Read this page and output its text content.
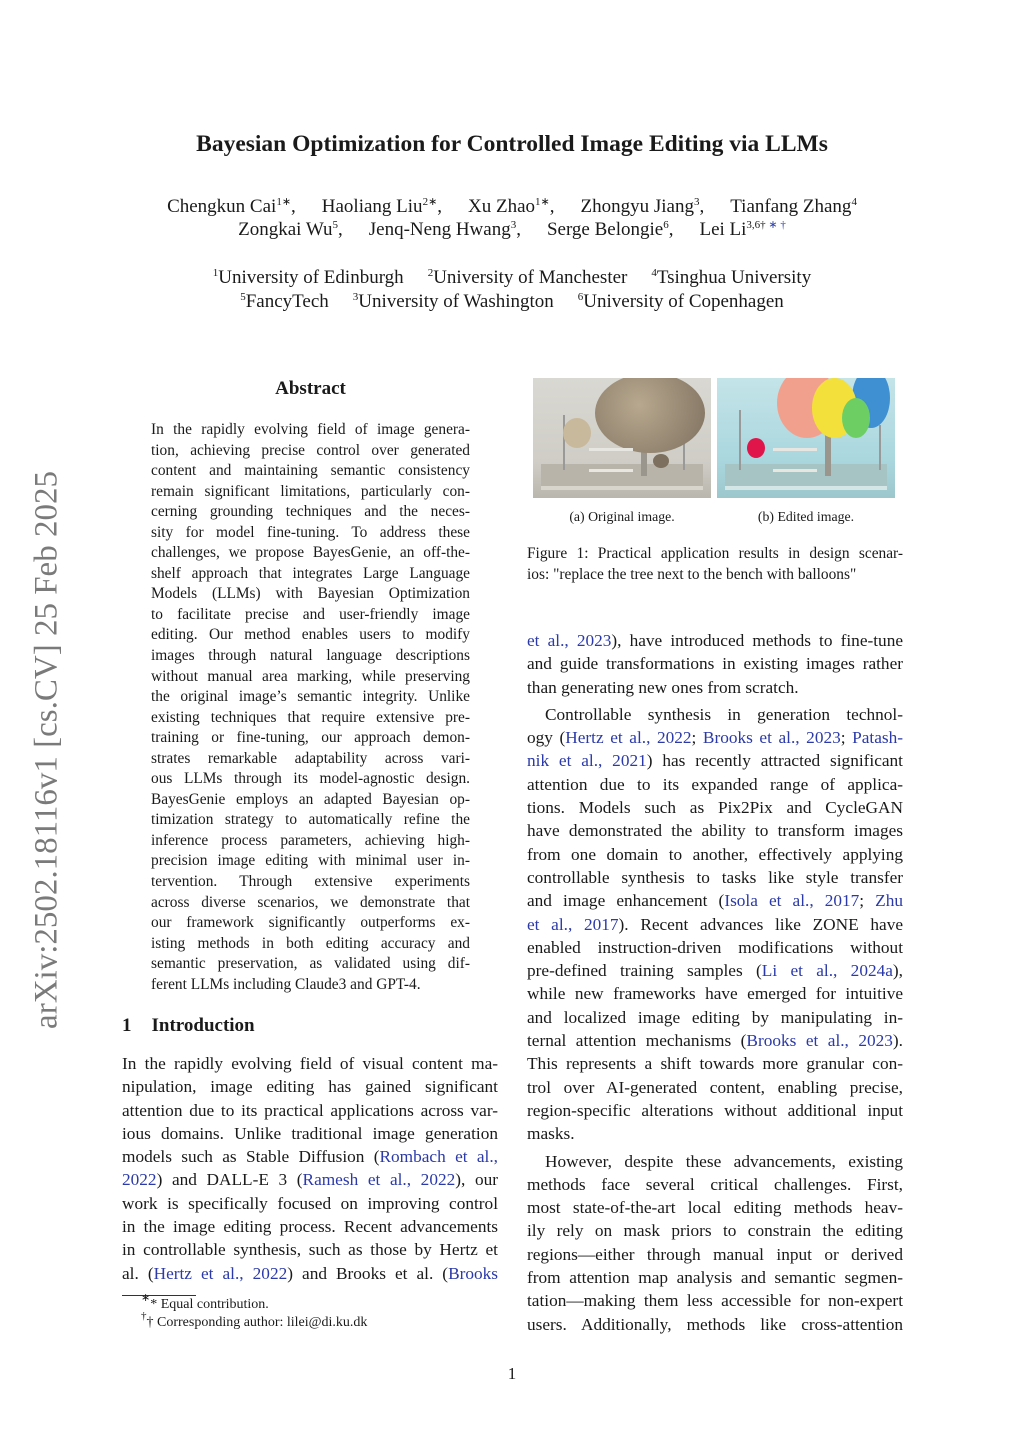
arXiv:2502.18116v1 [cs.CV] 25 Feb 2025
Bayesian Optimization for Controlled Image Editing via LLMs
Chengkun Cai$^{1∗}$, Haoliang Liu$^{2∗}$, Xu Zhao$^{1∗}$, Zhongyu Jiang$^3$, Tianfang Zhang$^4$
Zongkai Wu$^5$, Jenq-Neng Hwang$^3$, Serge Belongie$^6$, Lei $Li^{3,6\dagger}$ ∗ †
$^1$University of Edinburgh $^2$University of Manchester $^4$Tsinghua University
$^5$FancyTech $^3$University of Washington $^6$University of Copenhagen
Abstract
In the rapidly evolving field of image genera-
tion, achieving precise control over generated
content and maintaining semantic consistency
remain significant limitations, particularly con-
cerning grounding techniques and the neces-
sity for model fine-tuning. To address these
challenges, we propose BayesGenie, an off-the-
shelf approach that integrates Large Language
Models (LLMs) with Bayesian Optimization
to facilitate precise and user-friendly image
editing. Our method enables users to modify
images through natural language descriptions
without manual area marking, while preserving
the original image’s semantic integrity. Unlike
existing techniques that require extensive pre-
training or fine-tuning, our approach demon-
strates remarkable adaptability across vari-
ous LLMs through its model-agnostic design.
BayesGenie employs an adapted Bayesian op-
timization strategy to automatically refine the
inference process parameters, achieving high-
precision image editing with minimal user in-
tervention. Through extensive experiments
across diverse scenarios, we demonstrate that
our framework significantly outperforms ex-
isting methods in both editing accuracy and
semantic preservation, as validated using dif-
ferent LLMs including Claude3 and GPT-4.
1 Introduction
In the rapidly evolving field of visual content ma-
nipulation, image editing has gained significant
attention due to its practical applications across var-
ious domains. Unlike traditional image generation
models such as Stable Diffusion (Rombach et al.,
2022) and DALL-E 3 (Ramesh et al., 2022), our
work is specifically focused on improving control
in the image editing process. Recent advancements
in controllable synthesis, such as those by Hertz et
al. (Hertz et al., 2022) and Brooks et al. (Brooks
(a) Original image.	(b) Edited image.
Figure 1: Practical application results in design scenar-
ios: "replace the tree next to the bench with balloons"
et al., 2023), have introduced methods to fine-tune
and guide transformations in existing images rather
than generating new ones from scratch.
Controllable synthesis in generation technol-
ogy (Hertz et al., 2022; Brooks et al., 2023; Patash-
nik et al., 2021) has recently attracted significant
attention due to its expanded range of applica-
tions. Models such as Pix2Pix and CycleGAN
have demonstrated the ability to transform images
from one domain to another, effectively applying
controllable synthesis to tasks like style transfer
and image enhancement (Isola et al., 2017; Zhu
et al., 2017). Recent advances like ZONE have
enabled instruction-driven modifications without
pre-defined training samples (Li et al., 2024a),
while new frameworks have emerged for intuitive
and localized image editing by manipulating in-
ternal attention mechanisms (Brooks et al., 2023).
This represents a shift towards more granular con-
trol over AI-generated content, enabling precise,
region-specific alterations without additional input
masks.
However, despite these advancements, existing
methods face several critical challenges. First,
most state-of-the-art local editing methods heav-
ily rely on mask priors to constrain the editing
regions—either through manual input or derived
from attention map analysis and semantic segmen-
tation—making them less accessible for non-expert
users. Additionally, methods like cross-attention
∗* Equal contribution.
†† Corresponding author: lilei@di.ku.dk
1
